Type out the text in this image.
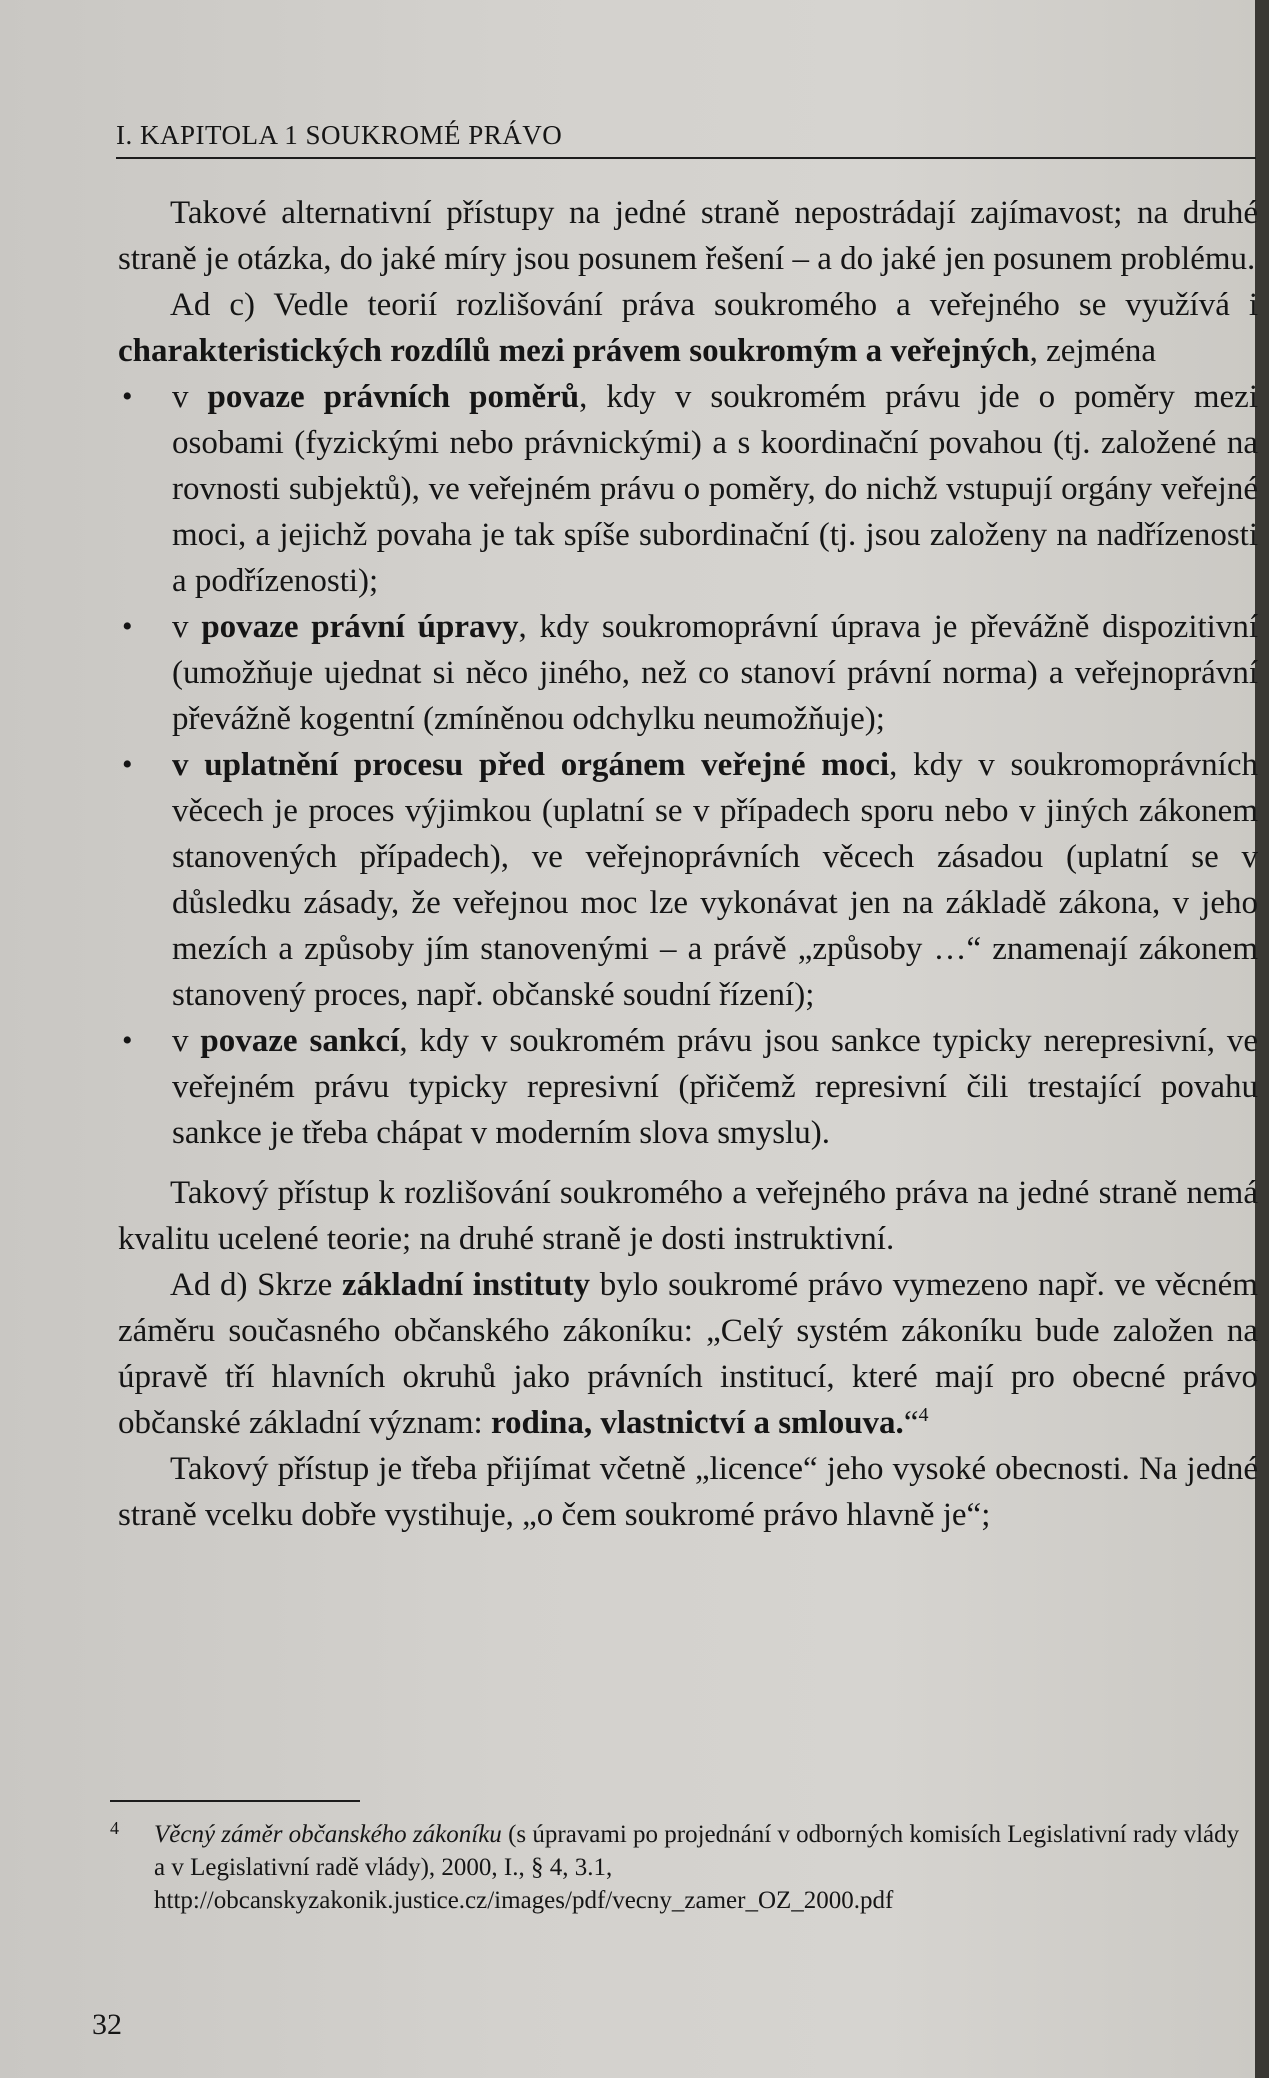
I. KAPITOLA 1 SOUKROMÉ PRÁVO

Takové alternativní přístupy na jedné straně nepostrádají zajímavost; na druhé straně je otázka, do jaké míry jsou posunem řešení – a do jaké jen posunem problému.

Ad c) Vedle teorií rozlišování práva soukromého a veřejného se využívá i charakteristických rozdílů mezi právem soukromým a veřejných, zejména

• v povaze právních poměrů, kdy v soukromém právu jde o poměry mezi osobami (fyzickými nebo právnickými) a s koordinační povahou (tj. založené na rovnosti subjektů), ve veřejném právu o poměry, do nichž vstupují orgány veřejné moci, a jejichž povaha je tak spíše subordinační (tj. jsou založeny na nadřízenosti a podřízenosti);
• v povaze právní úpravy, kdy soukromoprávní úprava je převážně dispozitivní (umožňuje ujednat si něco jiného, než co stanoví právní norma) a veřejnoprávní převážně kogentní (zmíněnou odchylku neumožňuje);
• v uplatnění procesu před orgánem veřejné moci, kdy v soukromoprávních věcech je proces výjimkou (uplatní se v případech sporu nebo v jiných zákonem stanovených případech), ve veřejnoprávních věcech zásadou (uplatní se v důsledku zásady, že veřejnou moc lze vykonávat jen na základě zákona, v jeho mezích a způsoby jím stanovenými – a právě „způsoby …“ znamenají zákonem stanovený proces, např. občanské soudní řízení);
• v povaze sankcí, kdy v soukromém právu jsou sankce typicky nerepresivní, ve veřejném právu typicky represivní (přičemž represivní čili trestající povahu sankce je třeba chápat v moderním slova smyslu).

Takový přístup k rozlišování soukromého a veřejného práva na jedné straně nemá kvalitu ucelené teorie; na druhé straně je dosti instruktivní.

Ad d) Skrze základní instituty bylo soukromé právo vymezeno např. ve věcném záměru současného občanského zákoníku: „Celý systém zákoníku bude založen na úpravě tří hlavních okruhů jako právních institucí, které mají pro obecné právo občanské základní význam: rodina, vlastnictví a smlouva.“$^4$

Takový přístup je třeba přijímat včetně „licence“ jeho vysoké obecnosti. Na jedné straně vcelku dobře vystihuje, „o čem soukromé právo hlavně je“;

4	Věcný záměr občanského zákoníku (s úpravami po projednání v odborných komisích Legislativní rady vlády a v Legislativní radě vlády), 2000, I., § 4, 3.1, http://obcanskyzakonik.justice.cz/images/pdf/vecny_zamer_OZ_2000.pdf
32
